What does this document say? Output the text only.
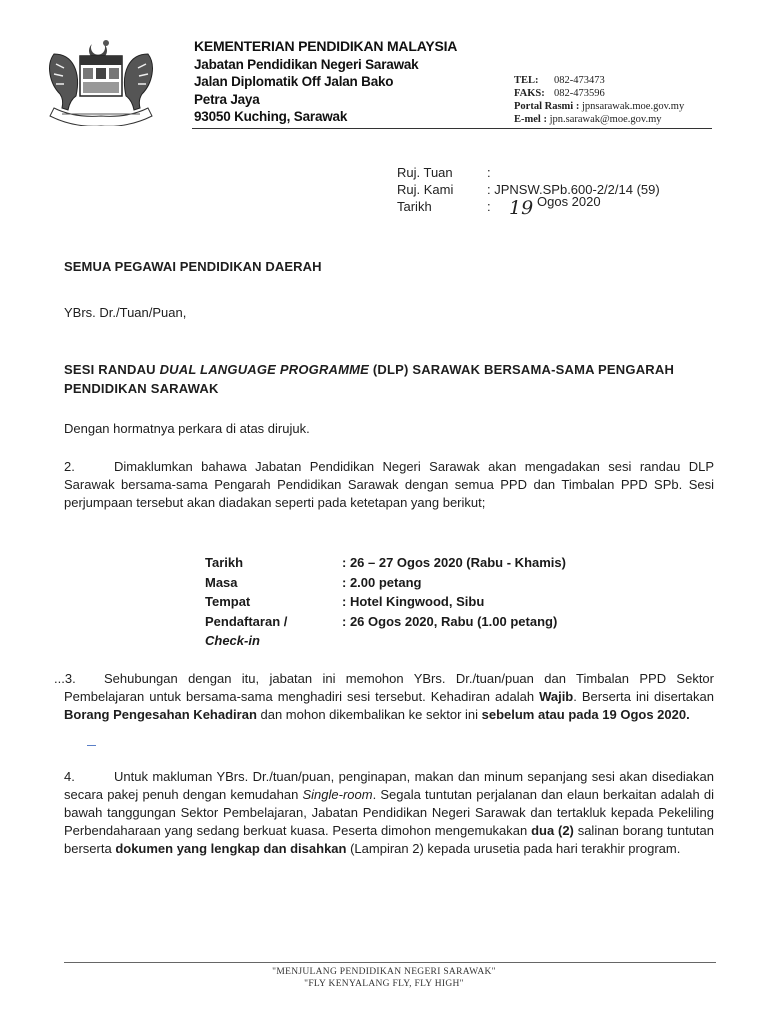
KEMENTERIAN PENDIDIKAN MALAYSIA
Jabatan Pendidikan Negeri Sarawak
Jalan Diplomatik Off Jalan Bako
Petra Jaya
93050 Kuching, Sarawak
TEL: 082-473473
FAKS: 082-473596
Portal Rasmi : jpnsarawak.moe.gov.my
E-mel : jpn.sarawak@moe.gov.my
Ruj. Tuan	:
Ruj. Kami	: JPNSW.SPb.600-2/2/14 (59)
Tarikh	: 19 Ogos 2020
SEMUA PEGAWAI PENDIDIKAN DAERAH
YBrs. Dr./Tuan/Puan,
SESI RANDAU DUAL LANGUAGE PROGRAMME (DLP) SARAWAK BERSAMA-SAMA PENGARAH PENDIDIKAN SARAWAK
Dengan hormatnya perkara di atas dirujuk.
2.	Dimaklumkan bahawa Jabatan Pendidikan Negeri Sarawak akan mengadakan sesi randau DLP Sarawak bersama-sama Pengarah Pendidikan Sarawak dengan semua PPD dan Timbalan PPD SPb. Sesi perjumpaan tersebut akan diadakan seperti pada ketetapan yang berikut;
Tarikh	: 26 – 27 Ogos 2020 (Rabu - Khamis)
Masa	: 2.00 petang
Tempat	: Hotel Kingwood, Sibu
Pendaftaran /	: 26 Ogos 2020, Rabu (1.00 petang)
Check-in
...3. Sehubungan dengan itu, jabatan ini memohon YBrs. Dr./tuan/puan dan Timbalan PPD Sektor Pembelajaran untuk bersama-sama menghadiri sesi tersebut. Kehadiran adalah Wajib. Berserta ini disertakan Borang Pengesahan Kehadiran dan mohon dikembalikan ke sektor ini sebelum atau pada 19 Ogos 2020.
4.	Untuk makluman YBrs. Dr./tuan/puan, penginapan, makan dan minum sepanjang sesi akan disediakan secara pakej penuh dengan kemudahan Single-room. Segala tuntutan perjalanan dan elaun berkaitan adalah di bawah tanggungan Sektor Pembelajaran, Jabatan Pendidikan Negeri Sarawak dan tertakluk kepada Pekeliling Perbendaharaan yang sedang berkuat kuasa. Peserta dimohon mengemukakan dua (2) salinan borang tuntutan berserta dokumen yang lengkap dan disahkan (Lampiran 2) kepada urusetia pada hari terakhir program.
"MENJULANG PENDIDIKAN NEGERI SARAWAK"
"FLY KENYALANG FLY, FLY HIGH"
